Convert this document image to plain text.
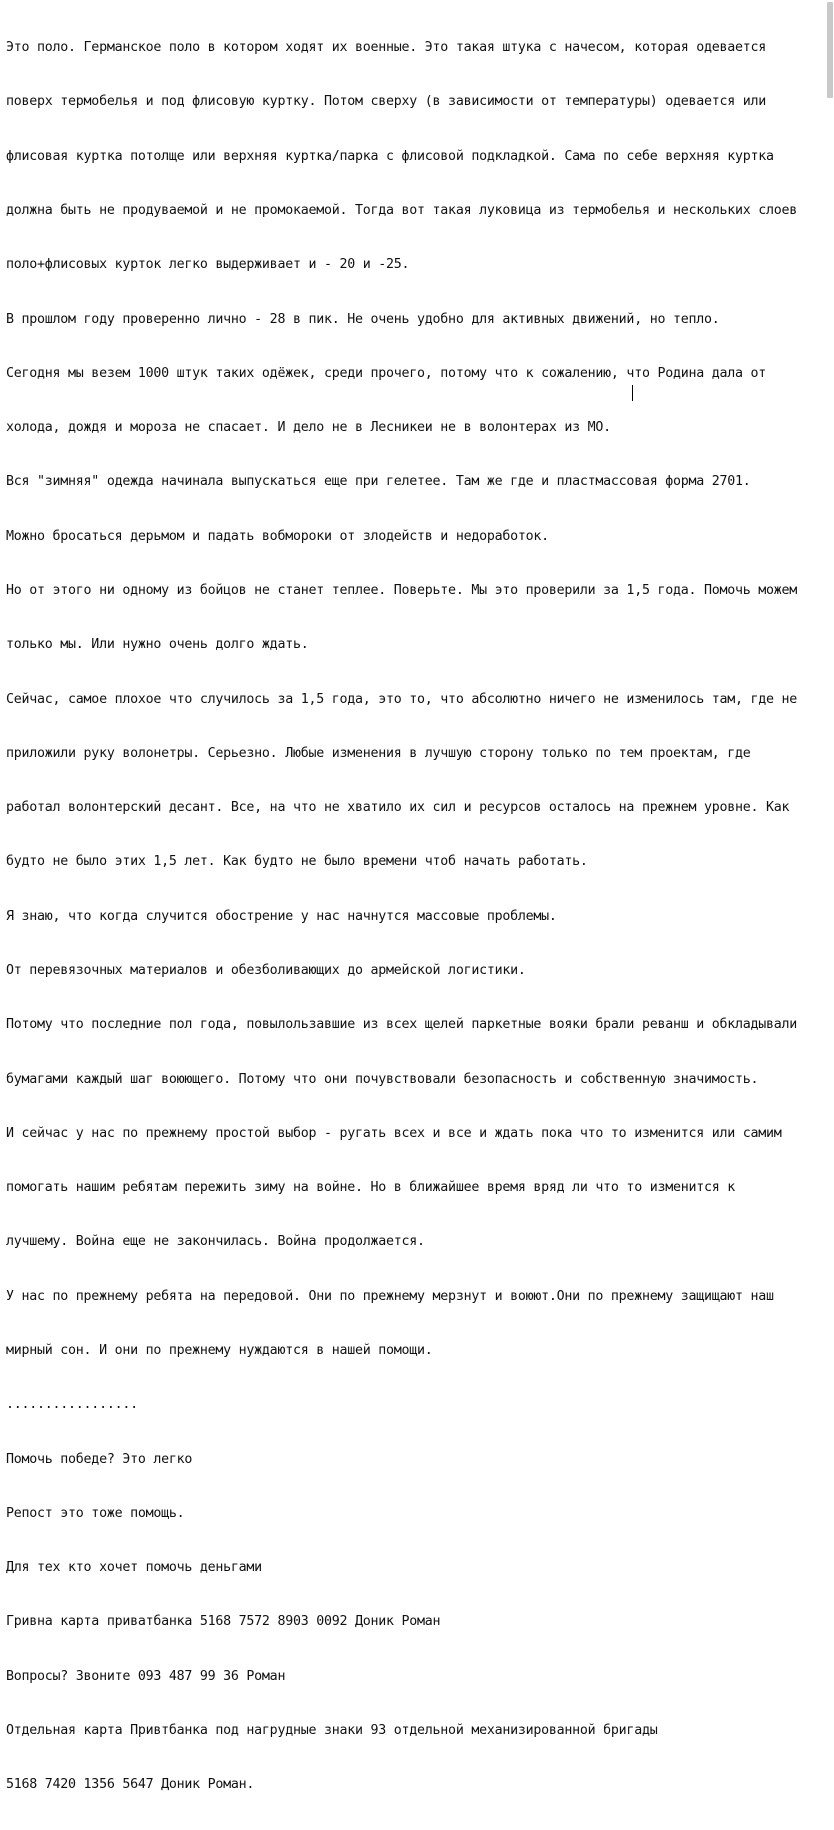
Это поло. Германское поло в котором ходят их военные. Это такая штука с начесом, которая одевается

поверх термобелья и под флисовую куртку. Потом сверху (в зависимости от температуры) одевается или

флисовая куртка потолще или верхняя куртка/парка с флисовой подкладкой. Сама по себе верхняя куртка

должна быть не продуваемой и не промокаемой. Тогда вот такая луковица из термобелья и нескольких слоев

поло+флисовых курток легко выдерживает и - 20 и -25.

В прошлом году проверенно лично - 28 в пик. Не очень удобно для активных движений, но тепло.

Сегодня мы везем 1000 штук таких одёжек, среди прочего, потому что к сожалению, что Родина дала от

холода, дождя и мороза не спасает. И дело не в Лесникеи не в волонтерах из МО.

Вся "зимняя" одежда начинала выпускаться еще при гелетее. Там же где и пластмассовая форма 2701.

Можно бросаться дерьмом и падать вобмороки от злодейств и недоработок.

Но от этого ни одному из бойцов не станет теплее. Поверьте. Мы это проверили за 1,5 года. Помочь можем

только мы. Или нужно очень долго ждать.

Сейчас, самое плохое что случилось за 1,5 года, это то, что абсолютно ничего не изменилось там, где не

приложили руку волонетры. Серьезно. Любые изменения в лучшую сторону только по тем проектам, где

работал волонтерский десант. Все, на что не хватило их сил и ресурсов осталось на прежнем уровне. Как

будто не было этих 1,5 лет. Как будто не было времени чтоб начать работать.

Я знаю, что когда случится обострение у нас начнутся массовые проблемы.

От перевязочных материалов и обезболивающих до армейской логистики.

Потому что последние пол года, повылользавшие из всех щелей паркетные вояки брали реванш и обкладывали

бумагами каждый шаг воюющего. Потому что они почувствовали безопасность и собственную значимость.

И сейчас у нас по прежнему простой выбор - ругать всех и все и ждать пока что то изменится или самим

помогать нашим ребятам пережить зиму на войне. Но в ближайшее время вряд ли что то изменится к

лучшему. Война еще не закончилась. Война продолжается.

У нас по прежнему ребята на передовой. Они по прежнему мерзнут и воюют.Они по прежнему защищают наш

мирный сон. И они по прежнему нуждаются в нашей помощи.

.................

Помочь победе? Это легко

Репост это тоже помощь.

Для тех кто хочет помочь деньгами

Гривна карта приватбанка 5168 7572 8903 0092 Доник Роман

Вопросы? Звоните 093 487 99 36 Роман

Отдельная карта Привтбанка под нагрудные знаки 93 отдельной механизированной бригады

5168 7420 1356 5647 Доник Роман.
